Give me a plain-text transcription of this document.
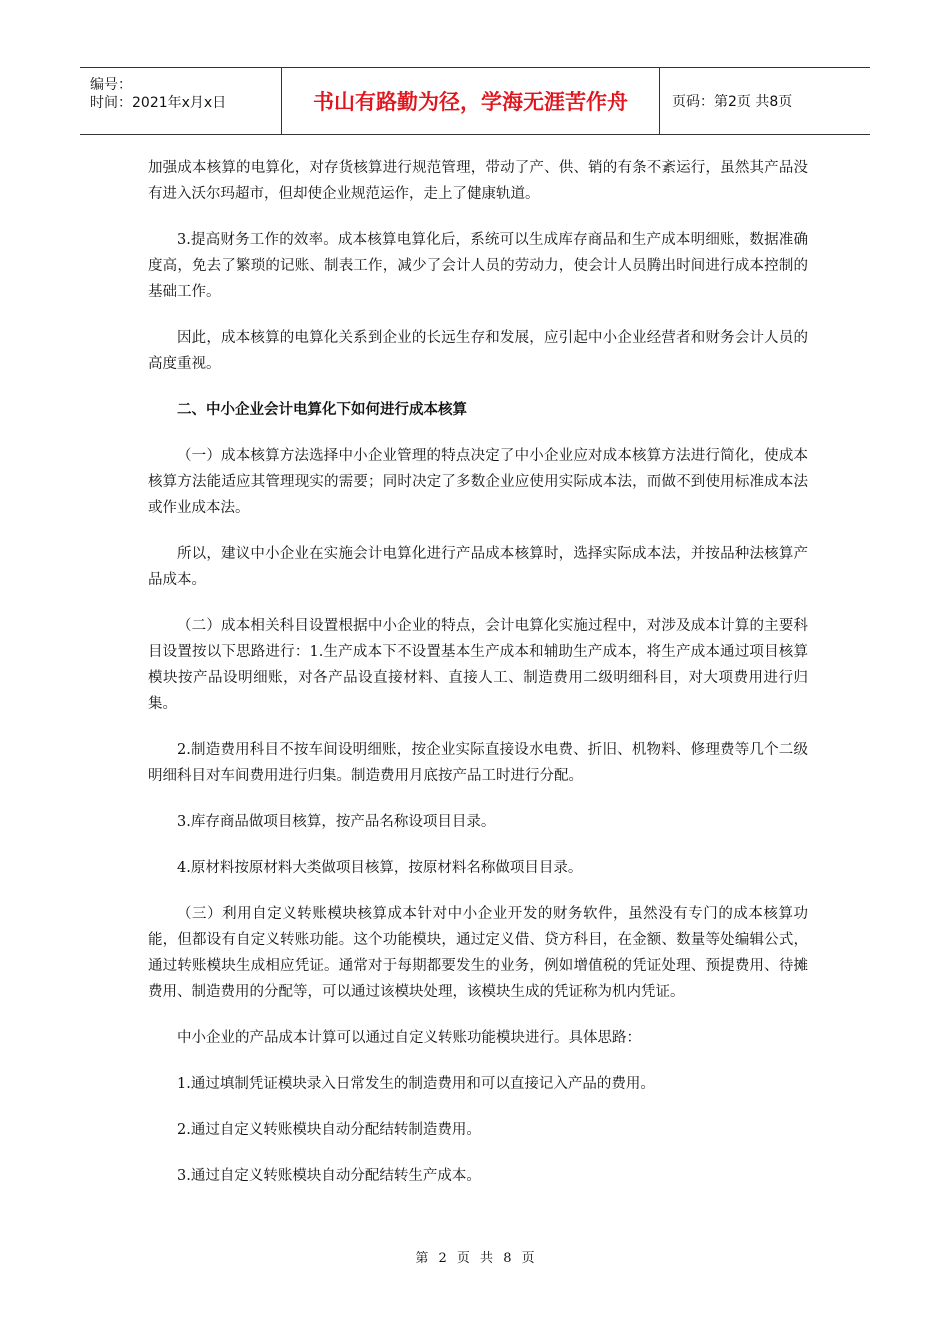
编号：
时间：2021年x月x日	书山有路勤为径，学海无涯苦作舟	页码：第2页 共8页

加强成本核算的电算化，对存货核算进行规范管理，带动了产、供、销的有条不紊运行，虽然其产品没有进入沃尔玛超市，但却使企业规范运作，走上了健康轨道。

3.提高财务工作的效率。成本核算电算化后，系统可以生成库存商品和生产成本明细账，数据准确度高，免去了繁琐的记账、制表工作，减少了会计人员的劳动力，使会计人员腾出时间进行成本控制的基础工作。

因此，成本核算的电算化关系到企业的长远生存和发展，应引起中小企业经营者和财务会计人员的高度重视。

二、中小企业会计电算化下如何进行成本核算

（一）成本核算方法选择中小企业管理的特点决定了中小企业应对成本核算方法进行简化，使成本核算方法能适应其管理现实的需要；同时决定了多数企业应使用实际成本法，而做不到使用标准成本法或作业成本法。

所以，建议中小企业在实施会计电算化进行产品成本核算时，选择实际成本法，并按品种法核算产品成本。

（二）成本相关科目设置根据中小企业的特点，会计电算化实施过程中，对涉及成本计算的主要科目设置按以下思路进行：1.生产成本下不设置基本生产成本和辅助生产成本，将生产成本通过项目核算模块按产品设明细账，对各产品设直接材料、直接人工、制造费用二级明细科目，对大项费用进行归集。

2.制造费用科目不按车间设明细账，按企业实际直接设水电费、折旧、机物料、修理费等几个二级明细科目对车间费用进行归集。制造费用月底按产品工时进行分配。

3.库存商品做项目核算，按产品名称设项目目录。

4.原材料按原材料大类做项目核算，按原材料名称做项目目录。

（三）利用自定义转账模块核算成本针对中小企业开发的财务软件，虽然没有专门的成本核算功能，但都设有自定义转账功能。这个功能模块，通过定义借、贷方科目，在金额、数量等处编辑公式，通过转账模块生成相应凭证。通常对于每期都要发生的业务，例如增值税的凭证处理、预提费用、待摊费用、制造费用的分配等，可以通过该模块处理，该模块生成的凭证称为机内凭证。

中小企业的产品成本计算可以通过自定义转账功能模块进行。具体思路：

1.通过填制凭证模块录入日常发生的制造费用和可以直接记入产品的费用。

2.通过自定义转账模块自动分配结转制造费用。

3.通过自定义转账模块自动分配结转生产成本。

第 2 页 共 8 页
